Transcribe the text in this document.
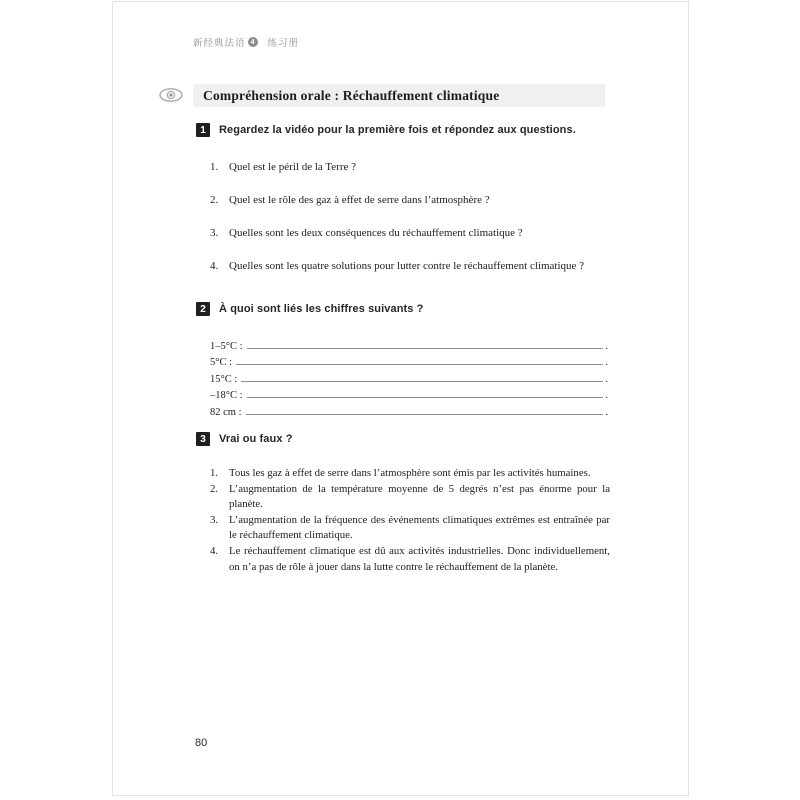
新经典法语 4	练习册
Compréhension orale : Réchauffement climatique
1	Regardez la vidéo pour la première fois et répondez aux questions.
1. Quel est le péril de la Terre ?
2. Quel est le rôle des gaz à effet de serre dans l’atmosphère ?
3. Quelles sont les deux conséquences du réchauffement climatique ?
4. Quelles sont les quatre solutions pour lutter contre le réchauffement climatique ?
2	À quoi sont liés les chiffres suivants ?
1–5°C :	.
5°C :	.
15°C :	.
–18°C :	.
82 cm :	.
3	Vrai ou faux ?
1.	Tous les gaz à effet de serre dans l’atmosphère sont émis par les activités humaines.
2.	L’augmentation de la température moyenne de 5 degrés n’est pas énorme pour la planète.
3.	L’augmentation de la fréquence des événements climatiques extrêmes est entraînée par le réchauffement climatique.
4.	Le réchauffement climatique est dû aux activités industrielles. Donc individuellement, on n’a pas de rôle à jouer dans la lutte contre le réchauffement de la planète.
80
